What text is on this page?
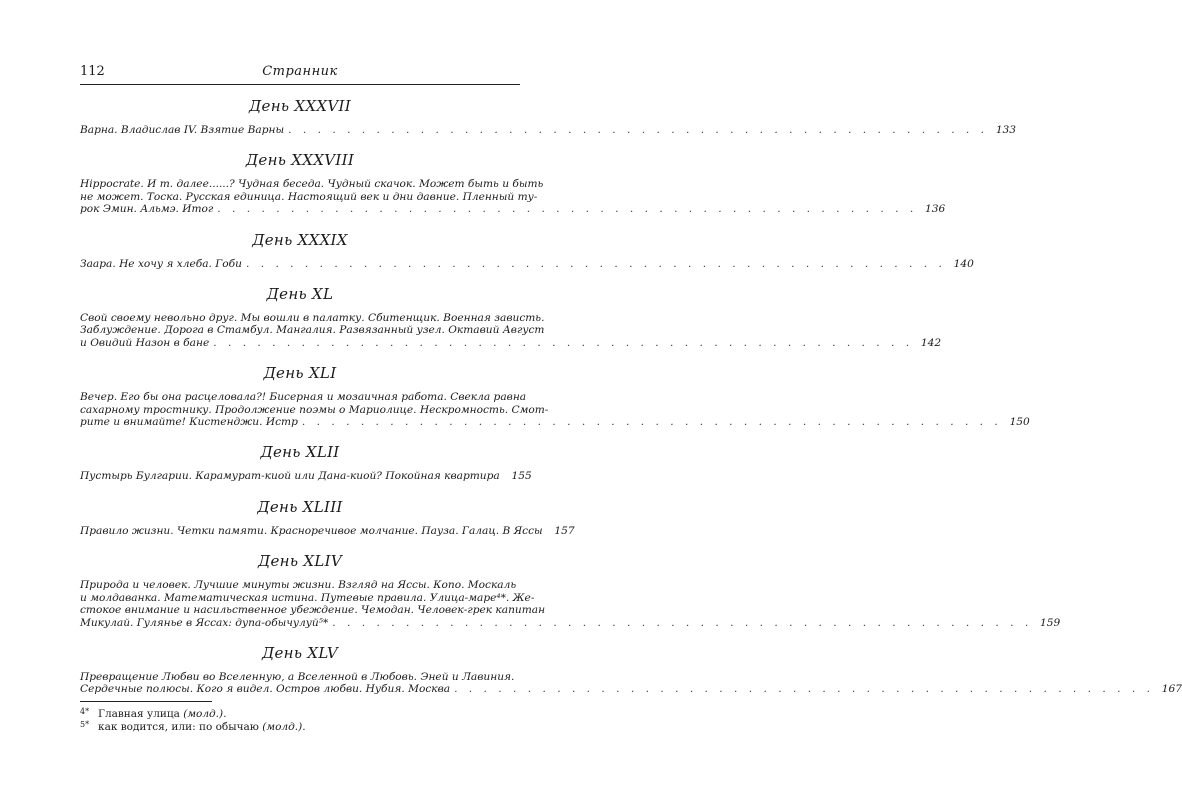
112	Странник
День XXXVII
Варна. Владислав IV. Взятие Варны . . . . . . . . . . . . . . . . . . . . . . . . . . . . . . . . . . . . . . . . . . . . . . . . 133
День XXXVIII
Hippocrate. И т. далее......? Чудная беседа. Чудный скачок. Может быть и быть
не может. Тоска. Русская единица. Настоящий век и дни давние. Пленный ту-
рок Эмин. Альмэ. Итог . . . . . . . . . . . . . . . . . . . . . . . . . . . . . . . . . . . . . . . . . . . . . . . . 136
День XXXIX
Заара. Не хочу я хлеба. Гоби . . . . . . . . . . . . . . . . . . . . . . . . . . . . . . . . . . . . . . . . . . . . . . . . 140
День XL
Свой своему невольно друг. Мы вошли в палатку. Сбитенщик. Военная зависть.
Заблуждение. Дорога в Стамбул. Мангалия. Развязанный узел. Октавий Август
и Овидий Назон в бане . . . . . . . . . . . . . . . . . . . . . . . . . . . . . . . . . . . . . . . . . . . . . . . . 142
День XLI
Вечер. Его бы она расцеловала?! Бисерная и мозаичная работа. Свекла равна
сахарному тростнику. Продолжение поэмы о Мариолице. Нескромность. Смот-
рите и внимайте! Кистенджи. Истр . . . . . . . . . . . . . . . . . . . . . . . . . . . . . . . . . . . . . . . . . . . . . . . . 150
День XLII
Пустырь Булгарии. Карамурат-киой или Дана-киой? Покойная квартира 155
День XLIII
Правило жизни. Четки памяти. Красноречивое молчание. Пауза. Галац. В Яссы 157
День XLIV
Природа и человек. Лучшие минуты жизни. Взгляд на Яссы. Копо. Москаль
и молдаванка. Математическая истина. Путевые правила. Улица-маре⁴*. Же-
стокое внимание и насильственное убеждение. Чемодан. Человек-грек капитан
Микулай. Гулянье в Яссах: дупа-обычулуй⁵* . . . . . . . . . . . . . . . . . . . . . . . . . . . . . . . . . . . . . . . . . . . . . . . . 159
День XLV
Превращение Любви во Вселенную, а Вселенной в Любовь. Эней и Лавиния.
Сердечные полюсы. Кого я видел. Остров любви. Нубия. Москва . . . . . . . . . . . . . . . . . . . . . . . . . . . . . . . . . . . . . . . . . . . . . . . . 167
4* Главная улица (молд.).
5* как водится, или: по обычаю (молд.).
